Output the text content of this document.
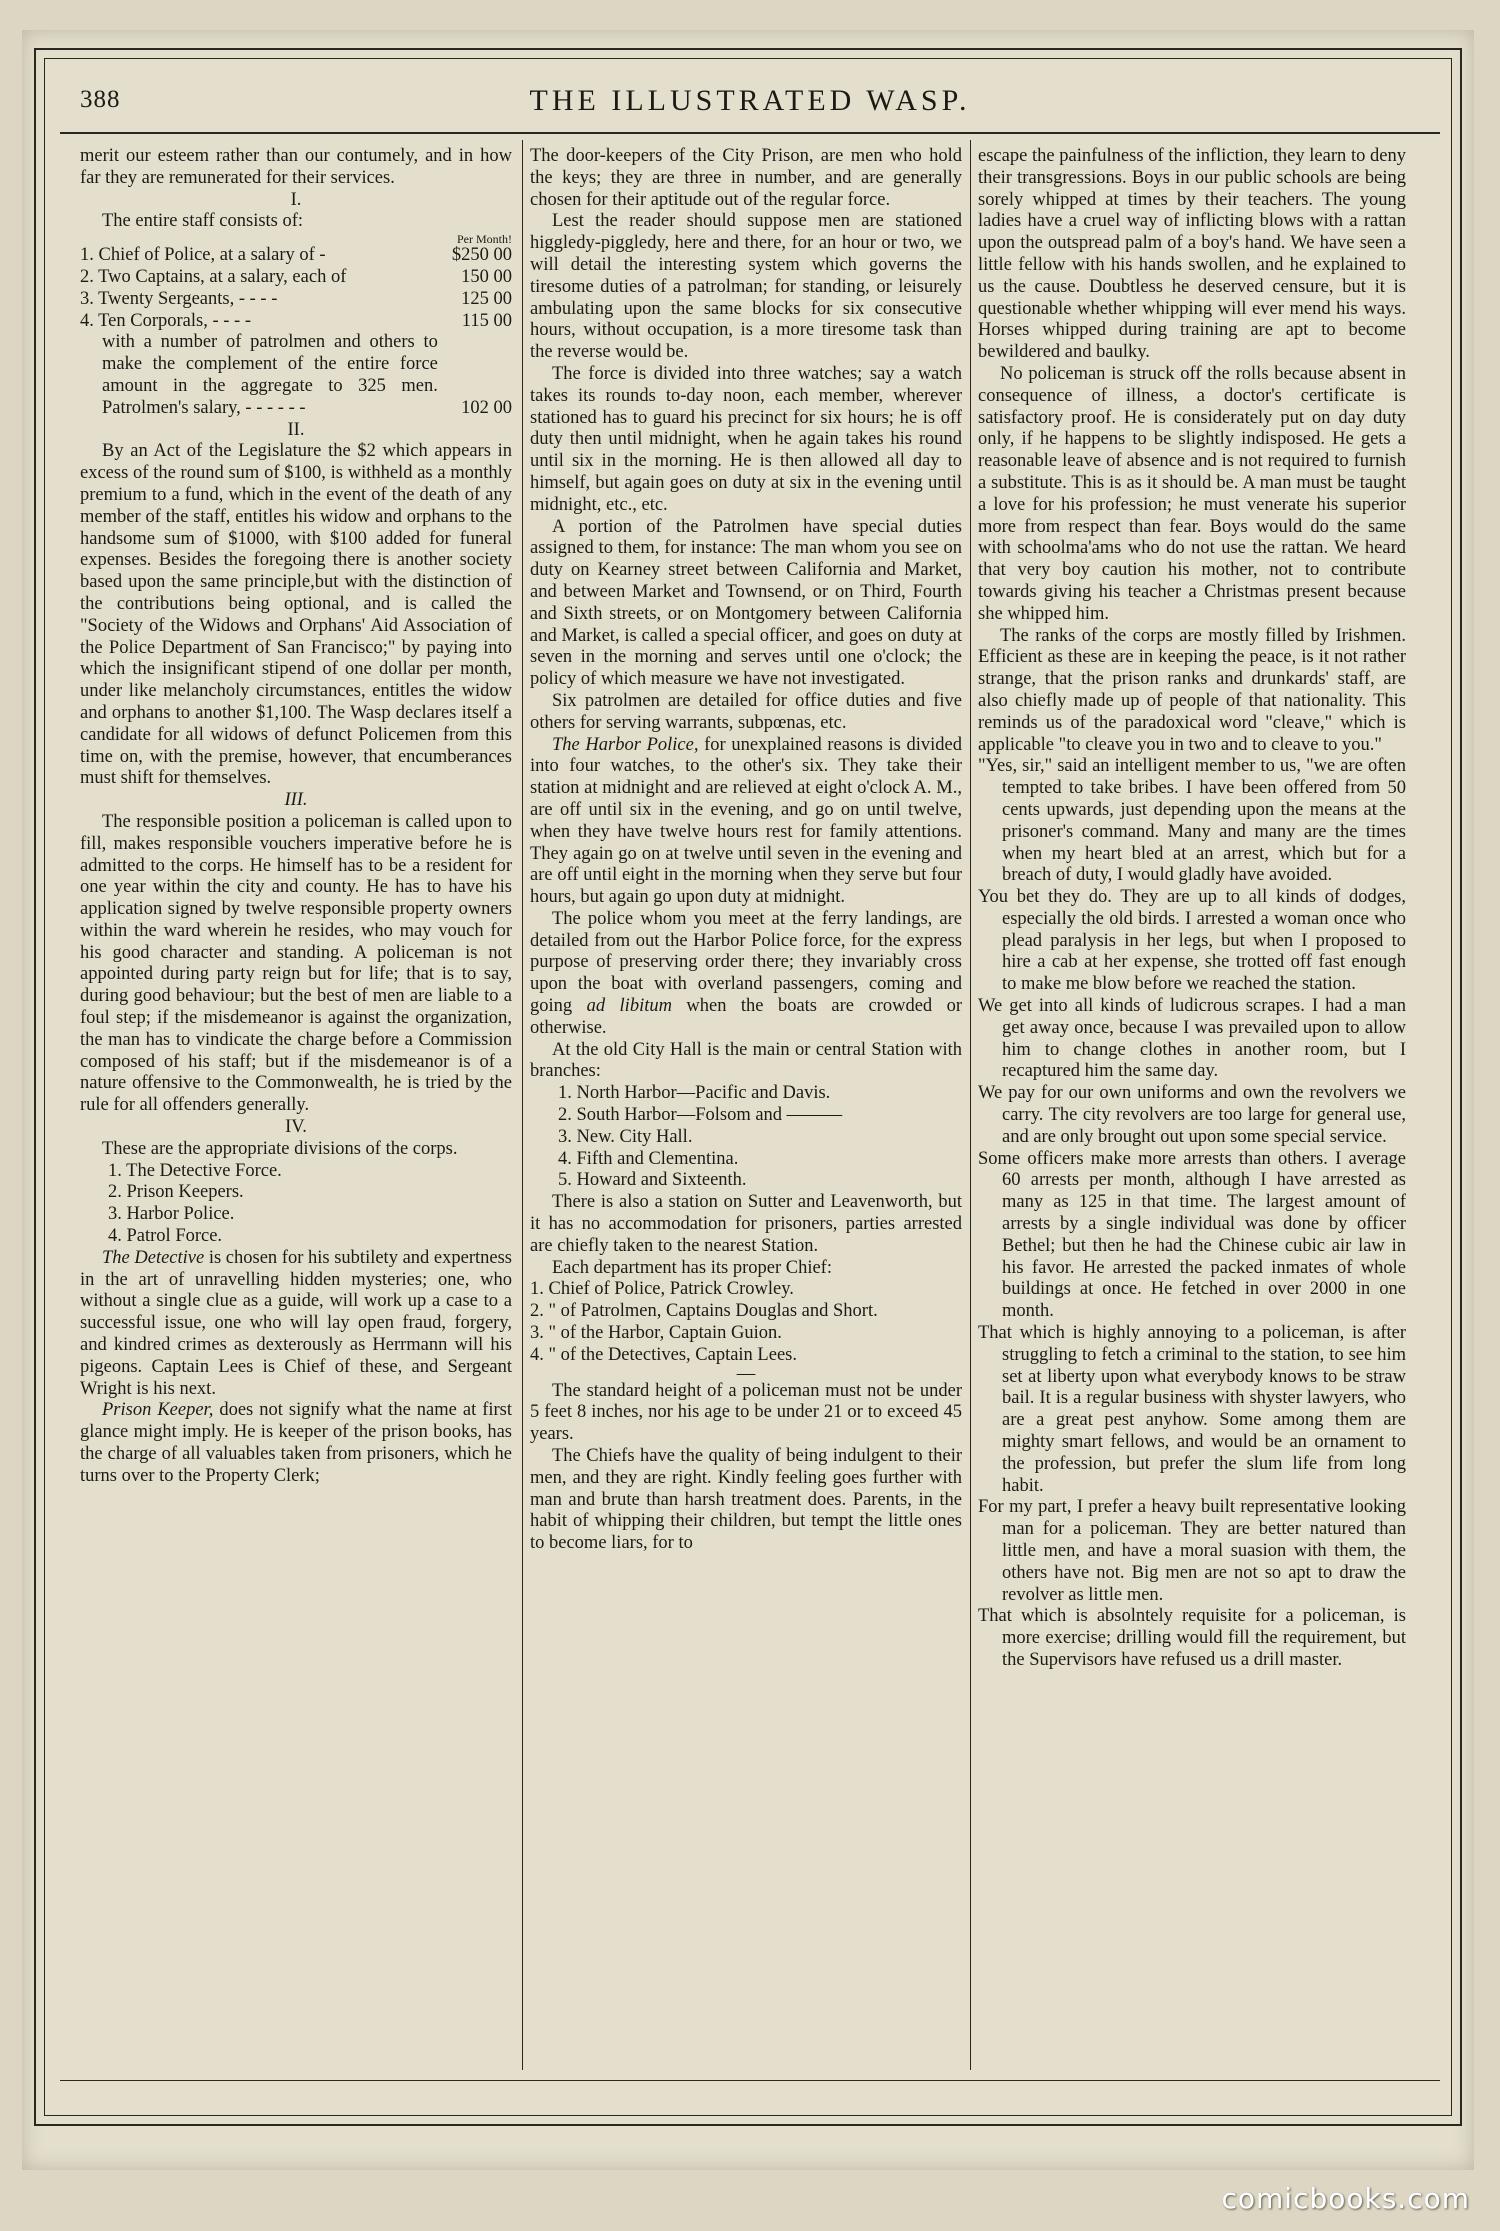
388	THE ILLUSTRATED WASP.

merit our esteem rather than our contumely, and in how far they are remunerated for their services.

I.

The entire staff consists of:

	Per Month!
1. Chief of Police, at a salary of -	$250 00
2. Two Captains, at a salary, each of	150 00
3. Twenty Sergeants, - - - -	125 00
4. Ten Corporals, - - - -	115 00
with a number of patrolmen and others to make the complement of the entire force amount in the aggregate to 325 men. Patrolmen's salary, - - - - - -	102 00

II.

By an Act of the Legislature the $2 which appears in excess of the round sum of $100, is withheld as a monthly premium to a fund, which in the event of the death of any member of the staff, entitles his widow and orphans to the handsome sum of $1000, with $100 added for funeral expenses. Besides the foregoing there is another society based upon the same principle,but with the distinction of the contributions being optional, and is called the "Society of the Widows and Orphans' Aid Association of the Police Department of San Francisco;" by paying into which the insignificant stipend of one dollar per month, under like melancholy circumstances, entitles the widow and orphans to another $1,100. The Wasp declares itself a candidate for all widows of defunct Policemen from this time on, with the premise, however, that encumberances must shift for themselves.

III.

The responsible position a policeman is called upon to fill, makes responsible vouchers imperative before he is admitted to the corps. He himself has to be a resident for one year within the city and county. He has to have his application signed by twelve responsible property owners within the ward wherein he resides, who may vouch for his good character and standing. A policeman is not appointed during party reign but for life; that is to say, during good behaviour; but the best of men are liable to a foul step; if the misdemeanor is against the organization, the man has to vindicate the charge before a Commission composed of his staff; but if the misdemeanor is of a nature offensive to the Commonwealth, he is tried by the rule for all offenders generally.

IV.

These are the appropriate divisions of the corps.

1. The Detective Force.
2. Prison Keepers.
3. Harbor Police.
4. Patrol Force.

The Detective is chosen for his subtilety and expertness in the art of unravelling hidden mysteries; one, who without a single clue as a guide, will work up a case to a successful issue, one who will lay open fraud, forgery, and kindred crimes as dexterously as Herrmann will his pigeons. Captain Lees is Chief of these, and Sergeant Wright is his next.

Prison Keeper, does not signify what the name at first glance might imply. He is keeper of the prison books, has the charge of all valuables taken from prisoners, which he turns over to the Property Clerk;

The door-keepers of the City Prison, are men who hold the keys; they are three in number, and are generally chosen for their aptitude out of the regular force.

Lest the reader should suppose men are stationed higgledy-piggledy, here and there, for an hour or two, we will detail the interesting system which governs the tiresome duties of a patrolman; for standing, or leisurely ambulating upon the same blocks for six consecutive hours, without occupation, is a more tiresome task than the reverse would be.

The force is divided into three watches; say a watch takes its rounds to-day noon, each member, wherever stationed has to guard his precinct for six hours; he is off duty then until midnight, when he again takes his round until six in the morning. He is then allowed all day to himself, but again goes on duty at six in the evening until midnight, etc., etc.

A portion of the Patrolmen have special duties assigned to them, for instance: The man whom you see on duty on Kearney street between California and Market, and between Market and Townsend, or on Third, Fourth and Sixth streets, or on Montgomery between California and Market, is called a special officer, and goes on duty at seven in the morning and serves until one o'clock; the policy of which measure we have not investigated.

Six patrolmen are detailed for office duties and five others for serving warrants, subpœnas, etc.

The Harbor Police, for unexplained reasons is divided into four watches, to the other's six. They take their station at midnight and are relieved at eight o'clock A. M., are off until six in the evening, and go on until twelve, when they have twelve hours rest for family attentions. They again go on at twelve until seven in the evening and are off until eight in the morning when they serve but four hours, but again go upon duty at midnight.

The police whom you meet at the ferry landings, are detailed from out the Harbor Police force, for the express purpose of preserving order there; they invariably cross upon the boat with overland passengers, coming and going ad libitum when the boats are crowded or otherwise.

At the old City Hall is the main or central Station with branches:

1. North Harbor—Pacific and Davis.
2. South Harbor—Folsom and ———
3. New. City Hall.
4. Fifth and Clementina.
5. Howard and Sixteenth.

There is also a station on Sutter and Leavenworth, but it has no accommodation for prisoners, parties arrested are chiefly taken to the nearest Station.

Each department has its proper Chief:

1. Chief of Police, Patrick Crowley.
2. " of Patrolmen, Captains Douglas and Short.
3. " of the Harbor, Captain Guion.
4. " of the Detectives, Captain Lees.

—

The standard height of a policeman must not be under 5 feet 8 inches, nor his age to be under 21 or to exceed 45 years.

The Chiefs have the quality of being indulgent to their men, and they are right. Kindly feeling goes further with man and brute than harsh treatment does. Parents, in the habit of whipping their children, but tempt the little ones to become liars, for to

escape the painfulness of the infliction, they learn to deny their transgressions. Boys in our public schools are being sorely whipped at times by their teachers. The young ladies have a cruel way of inflicting blows with a rattan upon the outspread palm of a boy's hand. We have seen a little fellow with his hands swollen, and he explained to us the cause. Doubtless he deserved censure, but it is questionable whether whipping will ever mend his ways. Horses whipped during training are apt to become bewildered and baulky.

No policeman is struck off the rolls because absent in consequence of illness, a doctor's certificate is satisfactory proof. He is considerately put on day duty only, if he happens to be slightly indisposed. He gets a reasonable leave of absence and is not required to furnish a substitute. This is as it should be. A man must be taught a love for his profession; he must venerate his superior more from respect than fear. Boys would do the same with schoolma'ams who do not use the rattan. We heard that very boy caution his mother, not to contribute towards giving his teacher a Christmas present because she whipped him.

The ranks of the corps are mostly filled by Irishmen. Efficient as these are in keeping the peace, is it not rather strange, that the prison ranks and drunkards' staff, are also chiefly made up of people of that nationality. This reminds us of the paradoxical word "cleave," which is applicable "to cleave you in two and to cleave to you."

"Yes, sir," said an intelligent member to us, "we are often tempted to take bribes. I have been offered from 50 cents upwards, just depending upon the means at the prisoner's command. Many and many are the times when my heart bled at an arrest, which but for a breach of duty, I would gladly have avoided.

You bet they do. They are up to all kinds of dodges, especially the old birds. I arrested a woman once who plead paralysis in her legs, but when I proposed to hire a cab at her expense, she trotted off fast enough to make me blow before we reached the station.

We get into all kinds of ludicrous scrapes. I had a man get away once, because I was prevailed upon to allow him to change clothes in another room, but I recaptured him the same day.

We pay for our own uniforms and own the revolvers we carry. The city revolvers are too large for general use, and are only brought out upon some special service.

Some officers make more arrests than others. I average 60 arrests per month, although I have arrested as many as 125 in that time. The largest amount of arrests by a single individual was done by officer Bethel; but then he had the Chinese cubic air law in his favor. He arrested the packed inmates of whole buildings at once. He fetched in over 2000 in one month.

That which is highly annoying to a policeman, is after struggling to fetch a criminal to the station, to see him set at liberty upon what everybody knows to be straw bail. It is a regular business with shyster lawyers, who are a great pest anyhow. Some among them are mighty smart fellows, and would be an ornament to the profession, but prefer the slum life from long habit.

For my part, I prefer a heavy built representative looking man for a policeman. They are better natured than little men, and have a moral suasion with them, the others have not. Big men are not so apt to draw the revolver as little men.

That which is absolntely requisite for a policeman, is more exercise; drilling would fill the requirement, but the Supervisors have refused us a drill master.

comicbooks.com
